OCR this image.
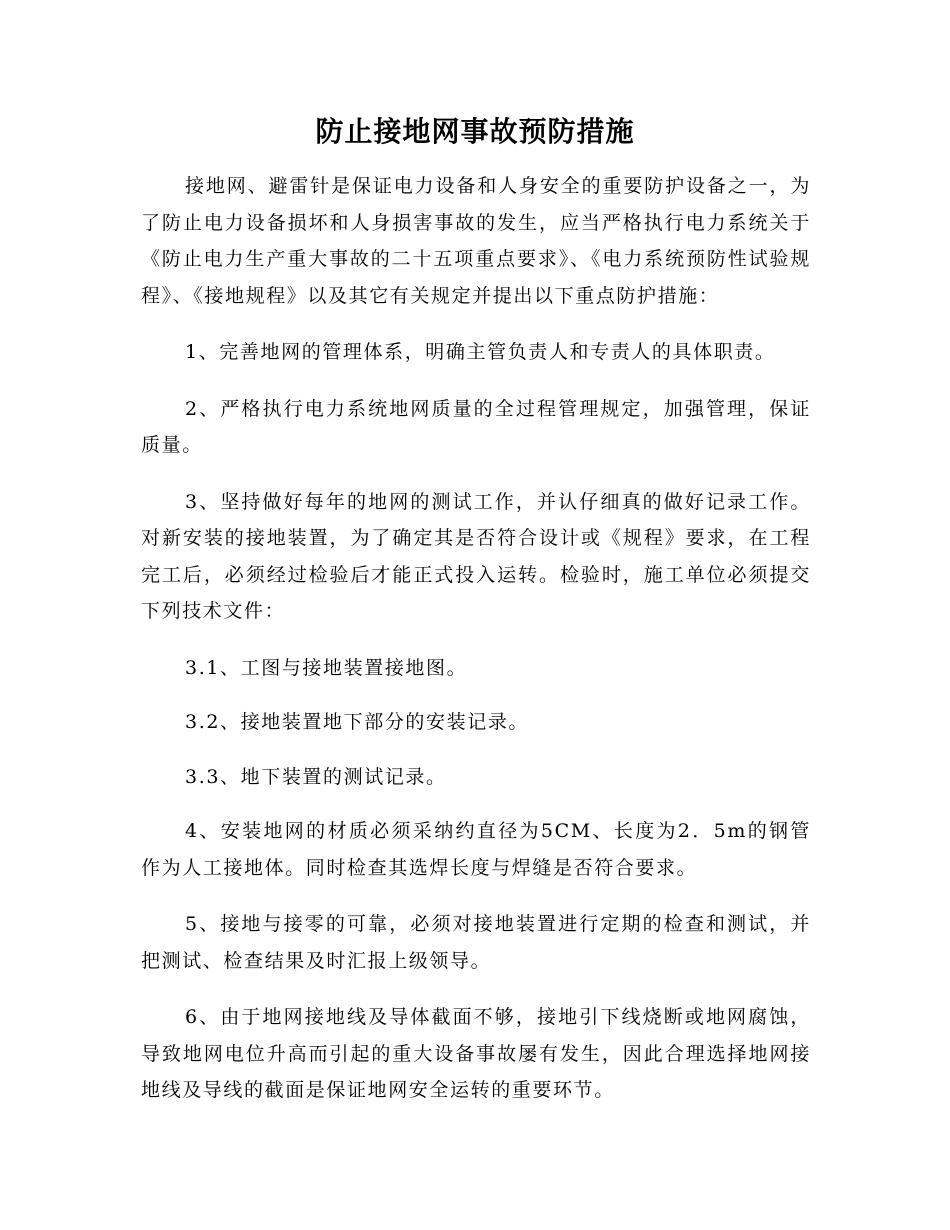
防止接地网事故预防措施

接地网、避雷针是保证电力设备和人身安全的重要防护设备之一，为了防止电力设备损坏和人身损害事故的发生，应当严格执行电力系统关于《防止电力生产重大事故的二十五项重点要求》、《电力系统预防性试验规程》、《接地规程》以及其它有关规定并提出以下重点防护措施：

1、完善地网的管理体系，明确主管负责人和专责人的具体职责。

2、严格执行电力系统地网质量的全过程管理规定，加强管理，保证质量。

3、坚持做好每年的地网的测试工作，并认仔细真的做好记录工作。对新安装的接地装置，为了确定其是否符合设计或《规程》要求，在工程完工后，必须经过检验后才能正式投入运转。检验时，施工单位必须提交下列技术文件：

3.1、工图与接地装置接地图。

3.2、接地装置地下部分的安装记录。

3.3、地下装置的测试记录。

4、安装地网的材质必须采纳约直径为5CM、长度为2．5m的钢管作为人工接地体。同时检查其选焊长度与焊缝是否符合要求。

5、接地与接零的可靠，必须对接地装置进行定期的检查和测试，并把测试、检查结果及时汇报上级领导。

6、由于地网接地线及导体截面不够，接地引下线烧断或地网腐蚀，导致地网电位升高而引起的重大设备事故屡有发生，因此合理选择地网接地线及导线的截面是保证地网安全运转的重要环节。
